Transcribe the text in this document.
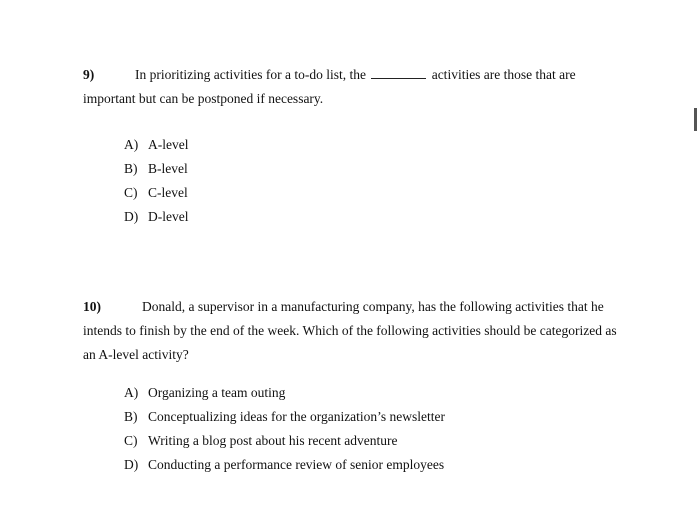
9)	In prioritizing activities for a to-do list, the	activities are those that are important but can be postponed if necessary.

A) A-level
B) B-level
C) C-level
D) D-level

10)	Donald, a supervisor in a manufacturing company, has the following activities that he intends to finish by the end of the week. Which of the following activities should be categorized as an A-level activity?

A) Organizing a team outing
B) Conceptualizing ideas for the organization’s newsletter
C) Writing a blog post about his recent adventure
D) Conducting a performance review of senior employees
